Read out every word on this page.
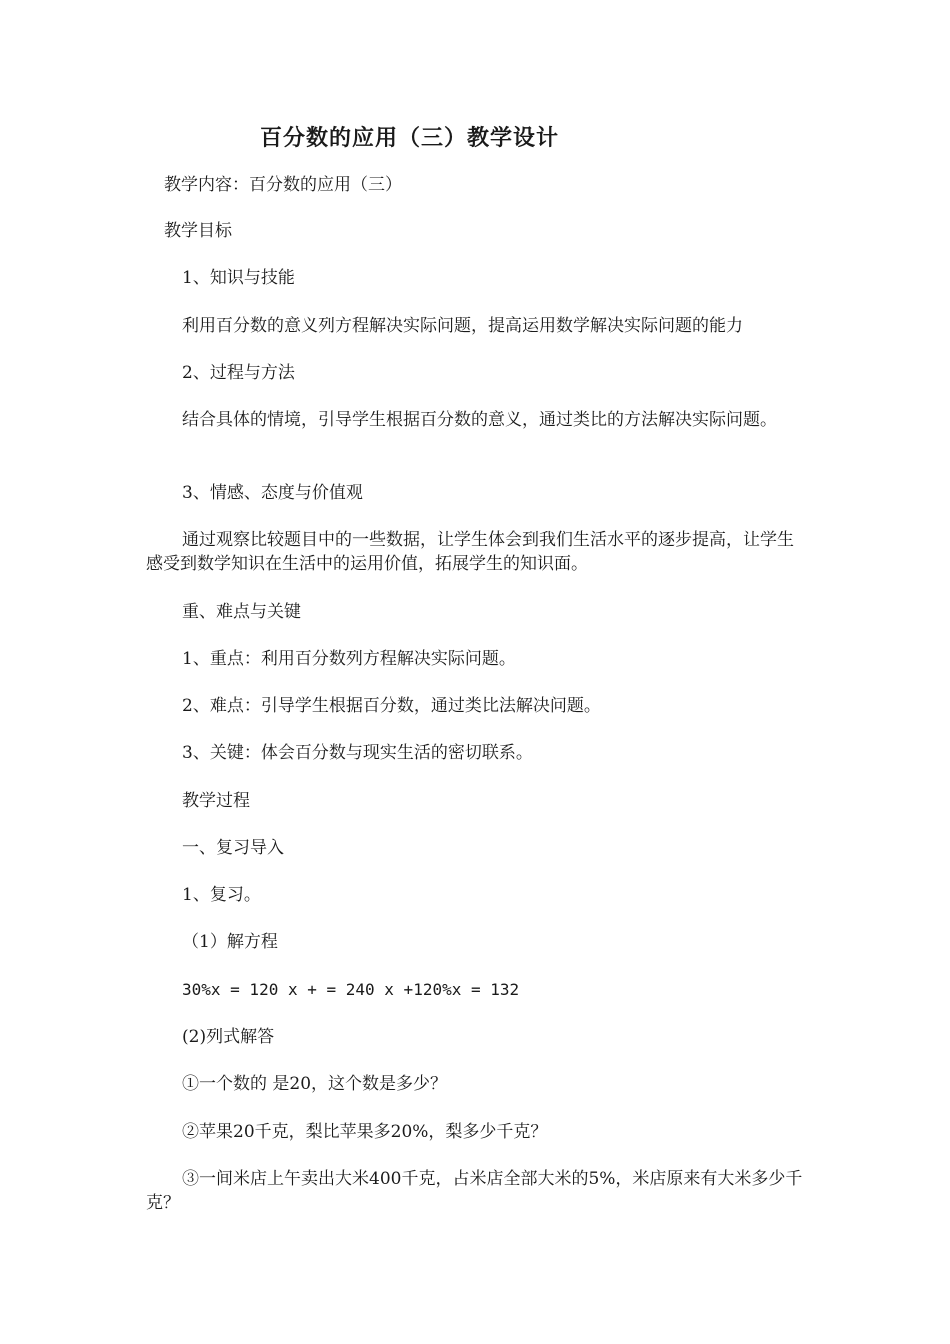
百分数的应用（三）教学设计
教学内容：百分数的应用（三）
教学目标
1、知识与技能
利用百分数的意义列方程解决实际问题，提高运用数学解决实际问题的能力
2、过程与方法
结合具体的情境，引导学生根据百分数的意义，通过类比的方法解决实际问题。
3、情感、态度与价值观
通过观察比较题目中的一些数据，让学生体会到我们生活水平的逐步提高，让学生感受到数学知识在生活中的运用价值，拓展学生的知识面。
重、难点与关键
1、重点：利用百分数列方程解决实际问题。
2、难点：引导学生根据百分数，通过类比法解决问题。
3、关键：体会百分数与现实生活的密切联系。
教学过程
一、复习导入
1、复习。
（1）解方程
30%x = 120 x + = 240 x +120%x = 132
(2)列式解答
①一个数的 是20，这个数是多少？
②苹果20千克，梨比苹果多20%，梨多少千克？
③一间米店上午卖出大米400千克，占米店全部大米的5%，米店原来有大米多少千克？
